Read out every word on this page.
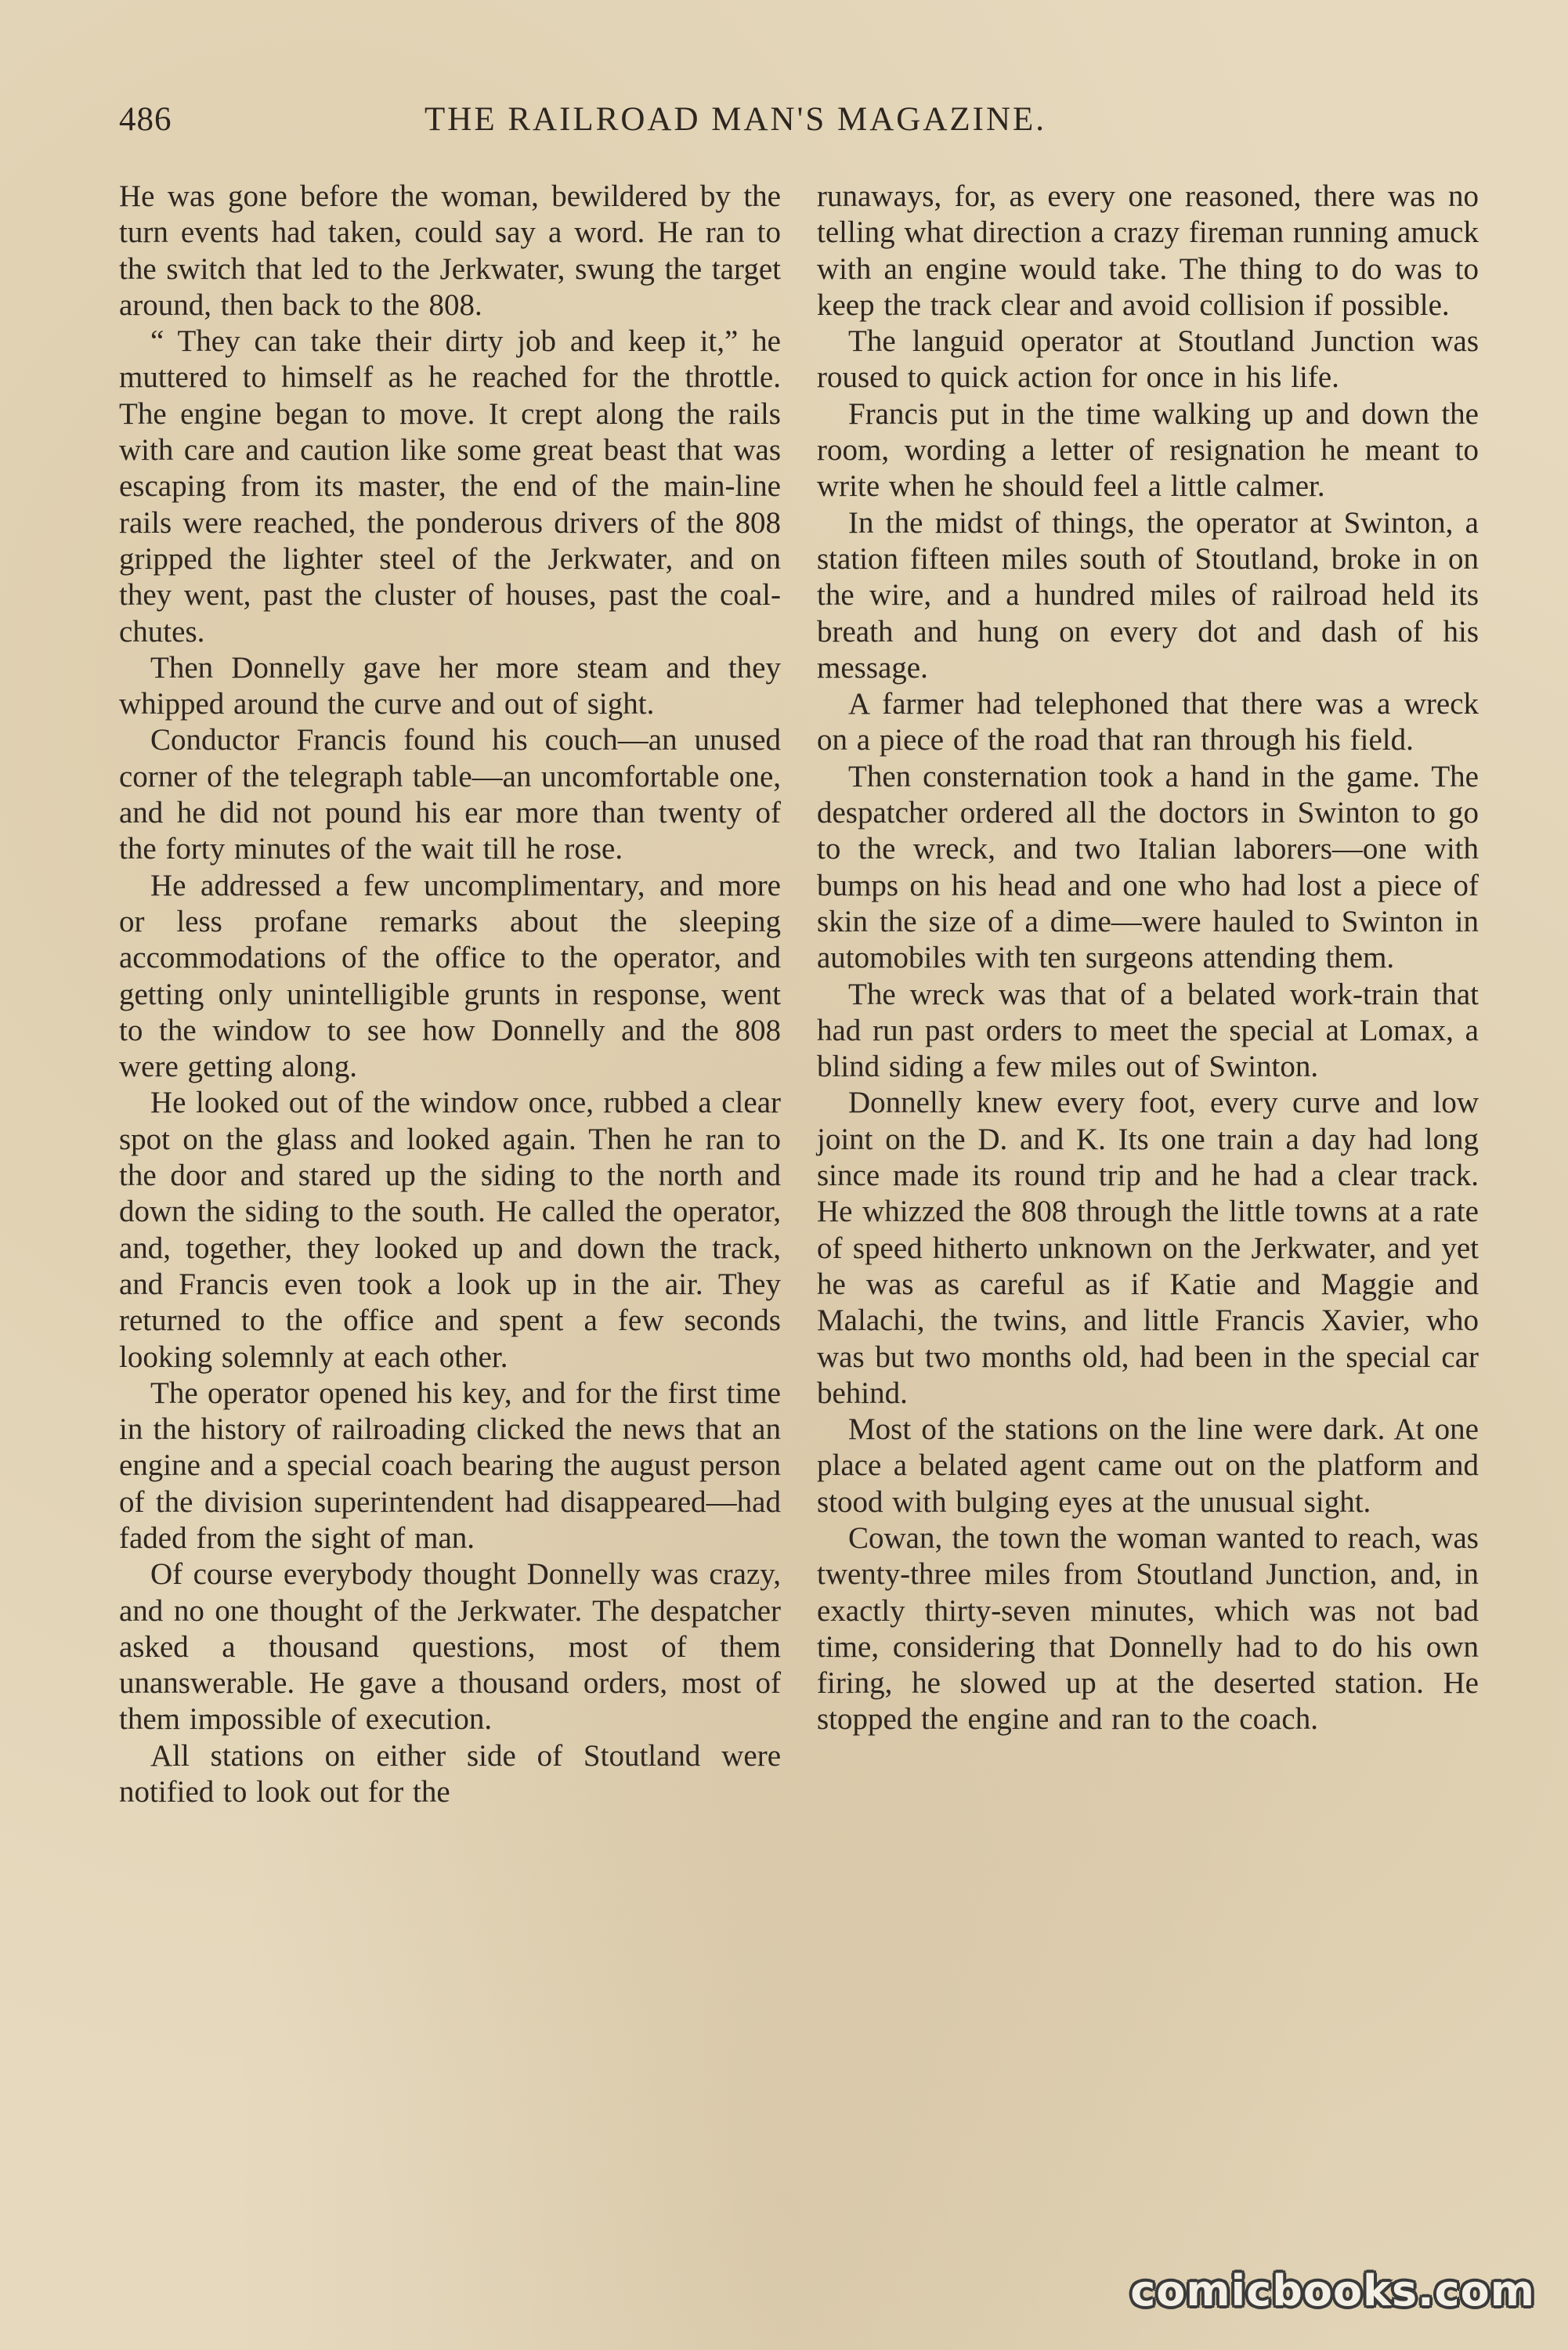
486	THE RAILROAD MAN'S MAGAZINE.

He was gone before the woman, bewildered by the turn events had taken, could say a word. He ran to the switch that led to the Jerkwater, swung the target around, then back to the 808.

“ They can take their dirty job and keep it,” he muttered to himself as he reached for the throttle. The engine began to move. It crept along the rails with care and caution like some great beast that was escaping from its master, the end of the main-line rails were reached, the ponderous drivers of the 808 gripped the lighter steel of the Jerkwater, and on they went, past the cluster of houses, past the coal-chutes.

Then Donnelly gave her more steam and they whipped around the curve and out of sight.

Conductor Francis found his couch—an unused corner of the telegraph table—an uncomfortable one, and he did not pound his ear more than twenty of the forty minutes of the wait till he rose.

He addressed a few uncomplimentary, and more or less profane remarks about the sleeping accommodations of the office to the operator, and getting only unintelligible grunts in response, went to the window to see how Donnelly and the 808 were getting along.

He looked out of the window once, rubbed a clear spot on the glass and looked again. Then he ran to the door and stared up the siding to the north and down the siding to the south. He called the operator, and, together, they looked up and down the track, and Francis even took a look up in the air. They returned to the office and spent a few seconds looking solemnly at each other.

The operator opened his key, and for the first time in the history of railroading clicked the news that an engine and a special coach bearing the august person of the division superintendent had disappeared—had faded from the sight of man.

Of course everybody thought Donnelly was crazy, and no one thought of the Jerkwater. The despatcher asked a thousand questions, most of them unanswerable. He gave a thousand orders, most of them impossible of execution.

All stations on either side of Stoutland were notified to look out for the

runaways, for, as every one reasoned, there was no telling what direction a crazy fireman running amuck with an engine would take. The thing to do was to keep the track clear and avoid collision if possible.

The languid operator at Stoutland Junction was roused to quick action for once in his life.

Francis put in the time walking up and down the room, wording a letter of resignation he meant to write when he should feel a little calmer.

In the midst of things, the operator at Swinton, a station fifteen miles south of Stoutland, broke in on the wire, and a hundred miles of railroad held its breath and hung on every dot and dash of his message.

A farmer had telephoned that there was a wreck on a piece of the road that ran through his field.

Then consternation took a hand in the game. The despatcher ordered all the doctors in Swinton to go to the wreck, and two Italian laborers—one with bumps on his head and one who had lost a piece of skin the size of a dime—were hauled to Swinton in automobiles with ten surgeons attending them.

The wreck was that of a belated work-train that had run past orders to meet the special at Lomax, a blind siding a few miles out of Swinton.

Donnelly knew every foot, every curve and low joint on the D. and K. Its one train a day had long since made its round trip and he had a clear track. He whizzed the 808 through the little towns at a rate of speed hitherto unknown on the Jerkwater, and yet he was as careful as if Katie and Maggie and Malachi, the twins, and little Francis Xavier, who was but two months old, had been in the special car behind.

Most of the stations on the line were dark. At one place a belated agent came out on the platform and stood with bulging eyes at the unusual sight.

Cowan, the town the woman wanted to reach, was twenty-three miles from Stoutland Junction, and, in exactly thirty-seven minutes, which was not bad time, considering that Donnelly had to do his own firing, he slowed up at the deserted station. He stopped the engine and ran to the coach.

comicbooks.com
